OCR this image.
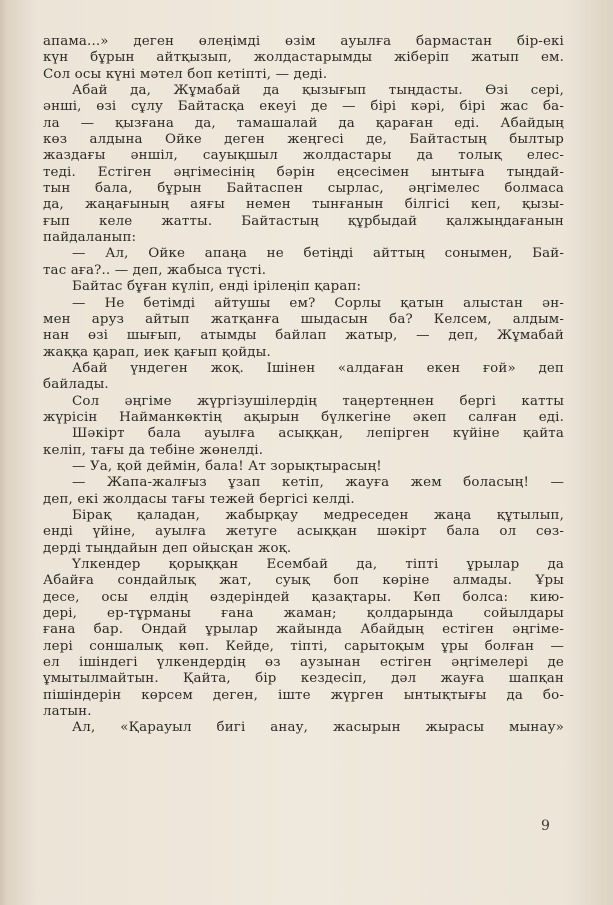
апама...» деген өлеңімді өзім ауылға бармастан бір-екі
күн бұрын айтқызып, жолдастарымды жіберіп жатып ем.
Сол осы күні мәтел боп кетіпті, — деді.
Абай да, Жұмабай да қызығып тыңдасты. Өзі сері,
әнші, өзі сұлу Байтасқа екеуі де — бірі кәрі, бірі жас ба-
ла — қызғана да, тамашалай да қараған еді. Абайдың
көз алдына Ойке деген жеңгесі де, Байтастың былтыр
жаздағы әншіл, сауықшыл жолдастары да толық елес-
теді. Естіген әңгімесінің бәрін еңсесімен ынтыға тыңдай-
тын бала, бұрын Байтаспен сырлас, әңгімелес болмаса
да, жаңағының аяғы немен тынғанын білгісі кеп, қызы-
ғып келе жатты. Байтастың құрбыдай қалжыңдағанын
пайдаланып:
— Ал, Ойке апаңа не бетіңді айттың сонымен, Бай-
тас аға?.. — деп, жабыса түсті.
Байтас бұған күліп, енді ірілеңіп қарап:
— Не бетімді айтушы ем? Сорлы қатын алыстан ән-
мен аруз айтып жатқанға шыдасын ба? Келсем, алдым-
нан өзі шығып, атымды байлап жатыр, — деп, Жұмабай
жаққа қарап, иек қағып қойды.
Абай үндеген жоқ. Ішінен «алдаған екен ғой» деп
байлады.
Сол әңгіме жүргізушілердің таңертеңнен бергі катты
жүрісін Найманкөктің ақырын бүлкегіне әкеп салған еді.
Шәкірт бала ауылға асыққан, лепірген күйіне қайта
келіп, тағы да тебіне жөнелді.
— Уа, қой деймін, бала! Ат зорықтырасың!
— Жапа-жалғыз ұзап кетіп, жауға жем боласың! —
деп, екі жолдасы тағы тежей бергісі келді.
Бірақ қаладан, жабырқау медреседен жаңа құтылып,
енді үйіне, ауылға жетуге асыққан шәкірт бала ол сөз-
дерді тыңдайын деп ойысқан жоқ.
Үлкендер қорыққан Есембай да, тіпті ұрылар да
Абайға сондайлық жат, суық боп көріне алмады. Ұры
десе, осы елдің өздеріндей қазақтары. Көп болса: кию-
дері, ер-тұрманы ғана жаман; қолдарында сойылдары
ғана бар. Ондай ұрылар жайында Абайдың естіген әңгіме-
лері соншалық көп. Кейде, тіпті, сарытоқым ұры болған —
ел ішіндегі үлкендердің өз аузынан естіген әңгімелері де
ұмытылмайтын. Қайта, бір кездесіп, дәл жауға шапқан
пішіндерін көрсем деген, іште жүрген ынтықтығы да бо-
латын.
Ал, «Қарауыл бигі анау, жасырын жырасы мынау»
9
